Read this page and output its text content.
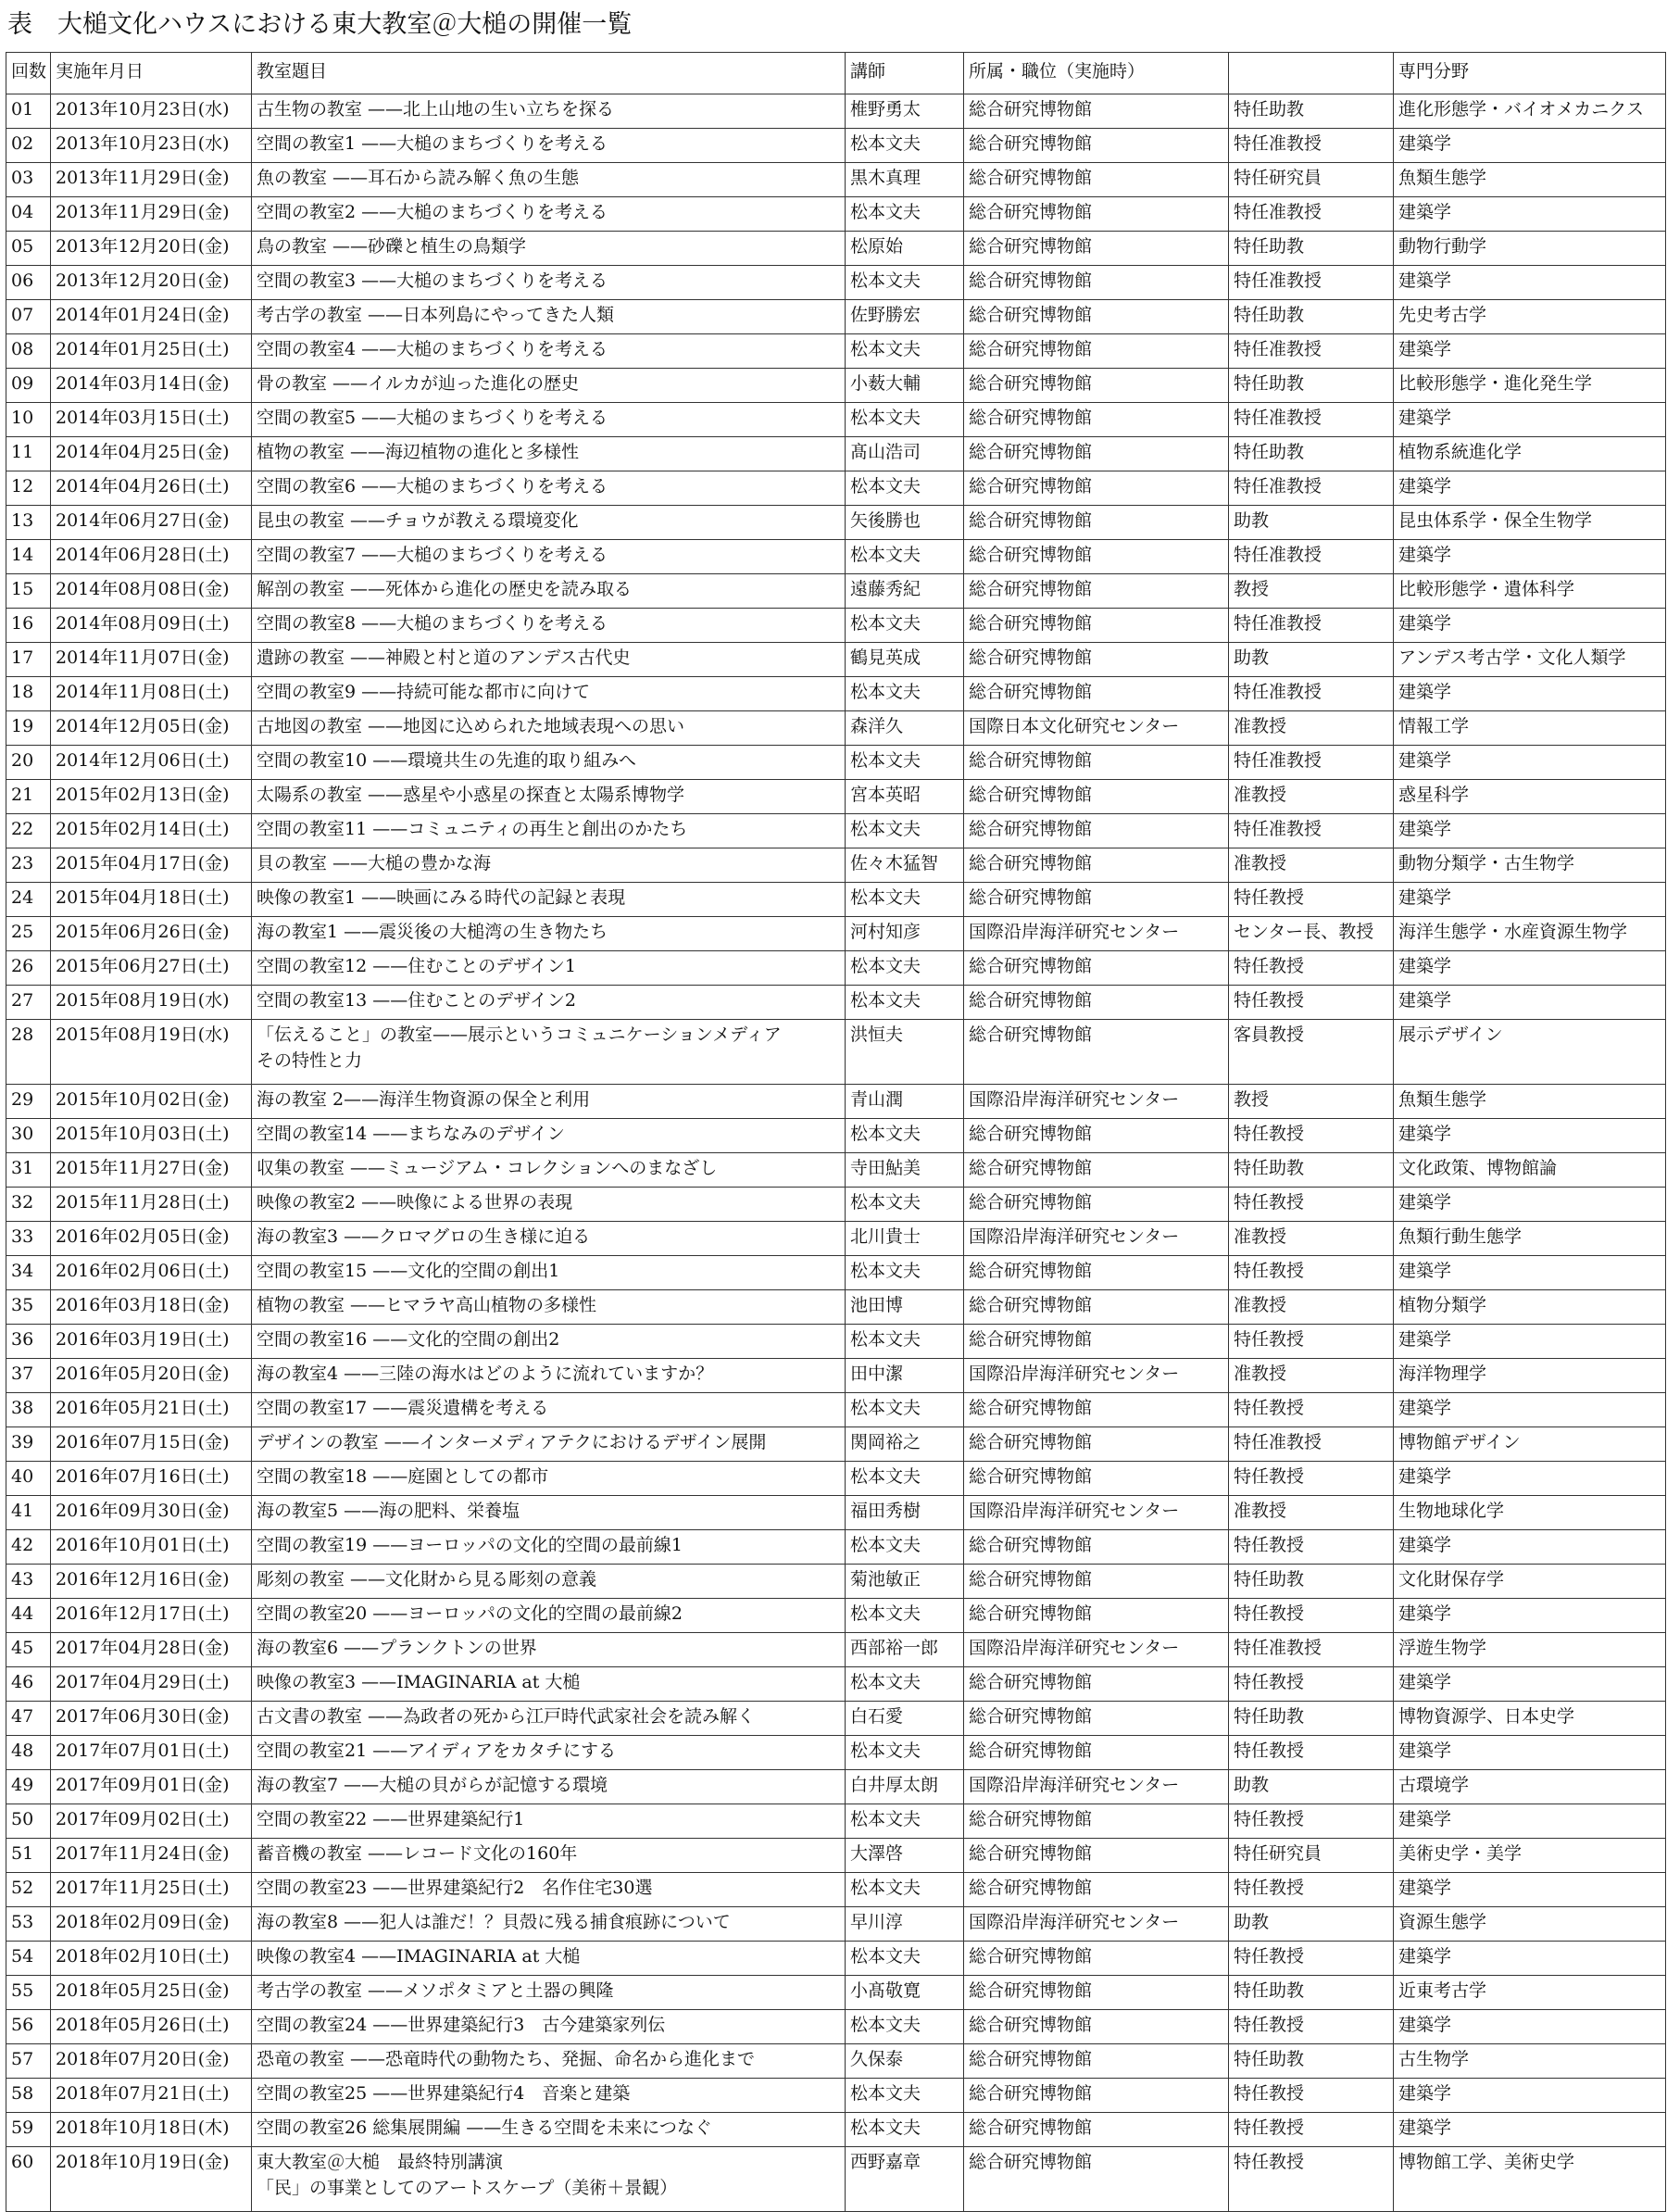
表　大槌文化ハウスにおける東大教室＠大槌の開催一覧
回数	実施年月日	教室題目	講師	所属・職位（実施時）		専門分野
01	2013年10月23日(水)	古生物の教室 ——北上山地の生い立ちを探る	椎野勇太	総合研究博物館	特任助教	進化形態学・バイオメカニクス
02	2013年10月23日(水)	空間の教室1 ——大槌のまちづくりを考える	松本文夫	総合研究博物館	特任准教授	建築学
03	2013年11月29日(金)	魚の教室 ——耳石から読み解く魚の生態	黒木真理	総合研究博物館	特任研究員	魚類生態学
04	2013年11月29日(金)	空間の教室2 ——大槌のまちづくりを考える	松本文夫	総合研究博物館	特任准教授	建築学
05	2013年12月20日(金)	鳥の教室 ——砂礫と植生の鳥類学	松原始	総合研究博物館	特任助教	動物行動学
06	2013年12月20日(金)	空間の教室3 ——大槌のまちづくりを考える	松本文夫	総合研究博物館	特任准教授	建築学
07	2014年01月24日(金)	考古学の教室 ——日本列島にやってきた人類	佐野勝宏	総合研究博物館	特任助教	先史考古学
08	2014年01月25日(土)	空間の教室4 ——大槌のまちづくりを考える	松本文夫	総合研究博物館	特任准教授	建築学
09	2014年03月14日(金)	骨の教室 ——イルカが辿った進化の歴史	小薮大輔	総合研究博物館	特任助教	比較形態学・進化発生学
10	2014年03月15日(土)	空間の教室5 ——大槌のまちづくりを考える	松本文夫	総合研究博物館	特任准教授	建築学
11	2014年04月25日(金)	植物の教室 ——海辺植物の進化と多様性	髙山浩司	総合研究博物館	特任助教	植物系統進化学
12	2014年04月26日(土)	空間の教室6 ——大槌のまちづくりを考える	松本文夫	総合研究博物館	特任准教授	建築学
13	2014年06月27日(金)	昆虫の教室 ——チョウが教える環境変化	矢後勝也	総合研究博物館	助教	昆虫体系学・保全生物学
14	2014年06月28日(土)	空間の教室7 ——大槌のまちづくりを考える	松本文夫	総合研究博物館	特任准教授	建築学
15	2014年08月08日(金)	解剖の教室 ——死体から進化の歴史を読み取る	遠藤秀紀	総合研究博物館	教授	比較形態学・遺体科学
16	2014年08月09日(土)	空間の教室8 ——大槌のまちづくりを考える	松本文夫	総合研究博物館	特任准教授	建築学
17	2014年11月07日(金)	遺跡の教室 ——神殿と村と道のアンデス古代史	鶴見英成	総合研究博物館	助教	アンデス考古学・文化人類学
18	2014年11月08日(土)	空間の教室9 ——持続可能な都市に向けて	松本文夫	総合研究博物館	特任准教授	建築学
19	2014年12月05日(金)	古地図の教室 ——地図に込められた地域表現への思い	森洋久	国際日本文化研究センター	准教授	情報工学
20	2014年12月06日(土)	空間の教室10 ——環境共生の先進的取り組みへ	松本文夫	総合研究博物館	特任准教授	建築学
21	2015年02月13日(金)	太陽系の教室 ——惑星や小惑星の探査と太陽系博物学	宮本英昭	総合研究博物館	准教授	惑星科学
22	2015年02月14日(土)	空間の教室11 ——コミュニティの再生と創出のかたち	松本文夫	総合研究博物館	特任准教授	建築学
23	2015年04月17日(金)	貝の教室 ——大槌の豊かな海	佐々木猛智	総合研究博物館	准教授	動物分類学・古生物学
24	2015年04月18日(土)	映像の教室1 ——映画にみる時代の記録と表現	松本文夫	総合研究博物館	特任教授	建築学
25	2015年06月26日(金)	海の教室1 ——震災後の大槌湾の生き物たち	河村知彦	国際沿岸海洋研究センター	センター長、教授	海洋生態学・水産資源生物学
26	2015年06月27日(土)	空間の教室12 ——住むことのデザイン1	松本文夫	総合研究博物館	特任教授	建築学
27	2015年08月19日(水)	空間の教室13 ——住むことのデザイン2	松本文夫	総合研究博物館	特任教授	建築学
28	2015年08月19日(水)	「伝えること」の教室——展示というコミュニケーションメディア
その特性と力	洪恒夫	総合研究博物館	客員教授	展示デザイン
29	2015年10月02日(金)	海の教室 2——海洋生物資源の保全と利用	青山潤	国際沿岸海洋研究センター	教授	魚類生態学
30	2015年10月03日(土)	空間の教室14 ——まちなみのデザイン	松本文夫	総合研究博物館	特任教授	建築学
31	2015年11月27日(金)	収集の教室 ——ミュージアム・コレクションへのまなざし	寺田鮎美	総合研究博物館	特任助教	文化政策、博物館論
32	2015年11月28日(土)	映像の教室2 ——映像による世界の表現	松本文夫	総合研究博物館	特任教授	建築学
33	2016年02月05日(金)	海の教室3 ——クロマグロの生き様に迫る	北川貴士	国際沿岸海洋研究センター	准教授	魚類行動生態学
34	2016年02月06日(土)	空間の教室15 ——文化的空間の創出1	松本文夫	総合研究博物館	特任教授	建築学
35	2016年03月18日(金)	植物の教室 ——ヒマラヤ高山植物の多様性	池田博	総合研究博物館	准教授	植物分類学
36	2016年03月19日(土)	空間の教室16 ——文化的空間の創出2	松本文夫	総合研究博物館	特任教授	建築学
37	2016年05月20日(金)	海の教室4 ——三陸の海水はどのように流れていますか？	田中潔	国際沿岸海洋研究センター	准教授	海洋物理学
38	2016年05月21日(土)	空間の教室17 ——震災遺構を考える	松本文夫	総合研究博物館	特任教授	建築学
39	2016年07月15日(金)	デザインの教室 ——インターメディアテクにおけるデザイン展開	関岡裕之	総合研究博物館	特任准教授	博物館デザイン
40	2016年07月16日(土)	空間の教室18 ——庭園としての都市	松本文夫	総合研究博物館	特任教授	建築学
41	2016年09月30日(金)	海の教室5 ——海の肥料、栄養塩	福田秀樹	国際沿岸海洋研究センター	准教授	生物地球化学
42	2016年10月01日(土)	空間の教室19 ——ヨーロッパの文化的空間の最前線1	松本文夫	総合研究博物館	特任教授	建築学
43	2016年12月16日(金)	彫刻の教室 ——文化財から見る彫刻の意義	菊池敏正	総合研究博物館	特任助教	文化財保存学
44	2016年12月17日(土)	空間の教室20 ——ヨーロッパの文化的空間の最前線2	松本文夫	総合研究博物館	特任教授	建築学
45	2017年04月28日(金)	海の教室6 ——プランクトンの世界	西部裕一郎	国際沿岸海洋研究センター	特任准教授	浮遊生物学
46	2017年04月29日(土)	映像の教室3 ——IMAGINARIA at 大槌	松本文夫	総合研究博物館	特任教授	建築学
47	2017年06月30日(金)	古文書の教室 ——為政者の死から江戸時代武家社会を読み解く	白石愛	総合研究博物館	特任助教	博物資源学、日本史学
48	2017年07月01日(土)	空間の教室21 ——アイディアをカタチにする	松本文夫	総合研究博物館	特任教授	建築学
49	2017年09月01日(金)	海の教室7 ——大槌の貝がらが記憶する環境	白井厚太朗	国際沿岸海洋研究センター	助教	古環境学
50	2017年09月02日(土)	空間の教室22 ——世界建築紀行1	松本文夫	総合研究博物館	特任教授	建築学
51	2017年11月24日(金)	蓄音機の教室 ——レコード文化の160年	大澤啓	総合研究博物館	特任研究員	美術史学・美学
52	2017年11月25日(土)	空間の教室23 ——世界建築紀行2　名作住宅30選	松本文夫	総合研究博物館	特任教授	建築学
53	2018年02月09日(金)	海の教室8 ——犯人は誰だ！？貝殻に残る捕食痕跡について	早川淳	国際沿岸海洋研究センター	助教	資源生態学
54	2018年02月10日(土)	映像の教室4 ——IMAGINARIA at 大槌	松本文夫	総合研究博物館	特任教授	建築学
55	2018年05月25日(金)	考古学の教室 ——メソポタミアと土器の興隆	小髙敬寛	総合研究博物館	特任助教	近東考古学
56	2018年05月26日(土)	空間の教室24 ——世界建築紀行3　古今建築家列伝	松本文夫	総合研究博物館	特任教授	建築学
57	2018年07月20日(金)	恐竜の教室 ——恐竜時代の動物たち、発掘、命名から進化まで	久保泰	総合研究博物館	特任助教	古生物学
58	2018年07月21日(土)	空間の教室25 ——世界建築紀行4　音楽と建築	松本文夫	総合研究博物館	特任教授	建築学
59	2018年10月18日(木)	空間の教室26 総集展開編 ——生きる空間を未来につなぐ	松本文夫	総合研究博物館	特任教授	建築学
60	2018年10月19日(金)	東大教室＠大槌　最終特別講演
「民」の事業としてのアートスケープ（美術＋景観）	西野嘉章	総合研究博物館	特任教授	博物館工学、美術史学
